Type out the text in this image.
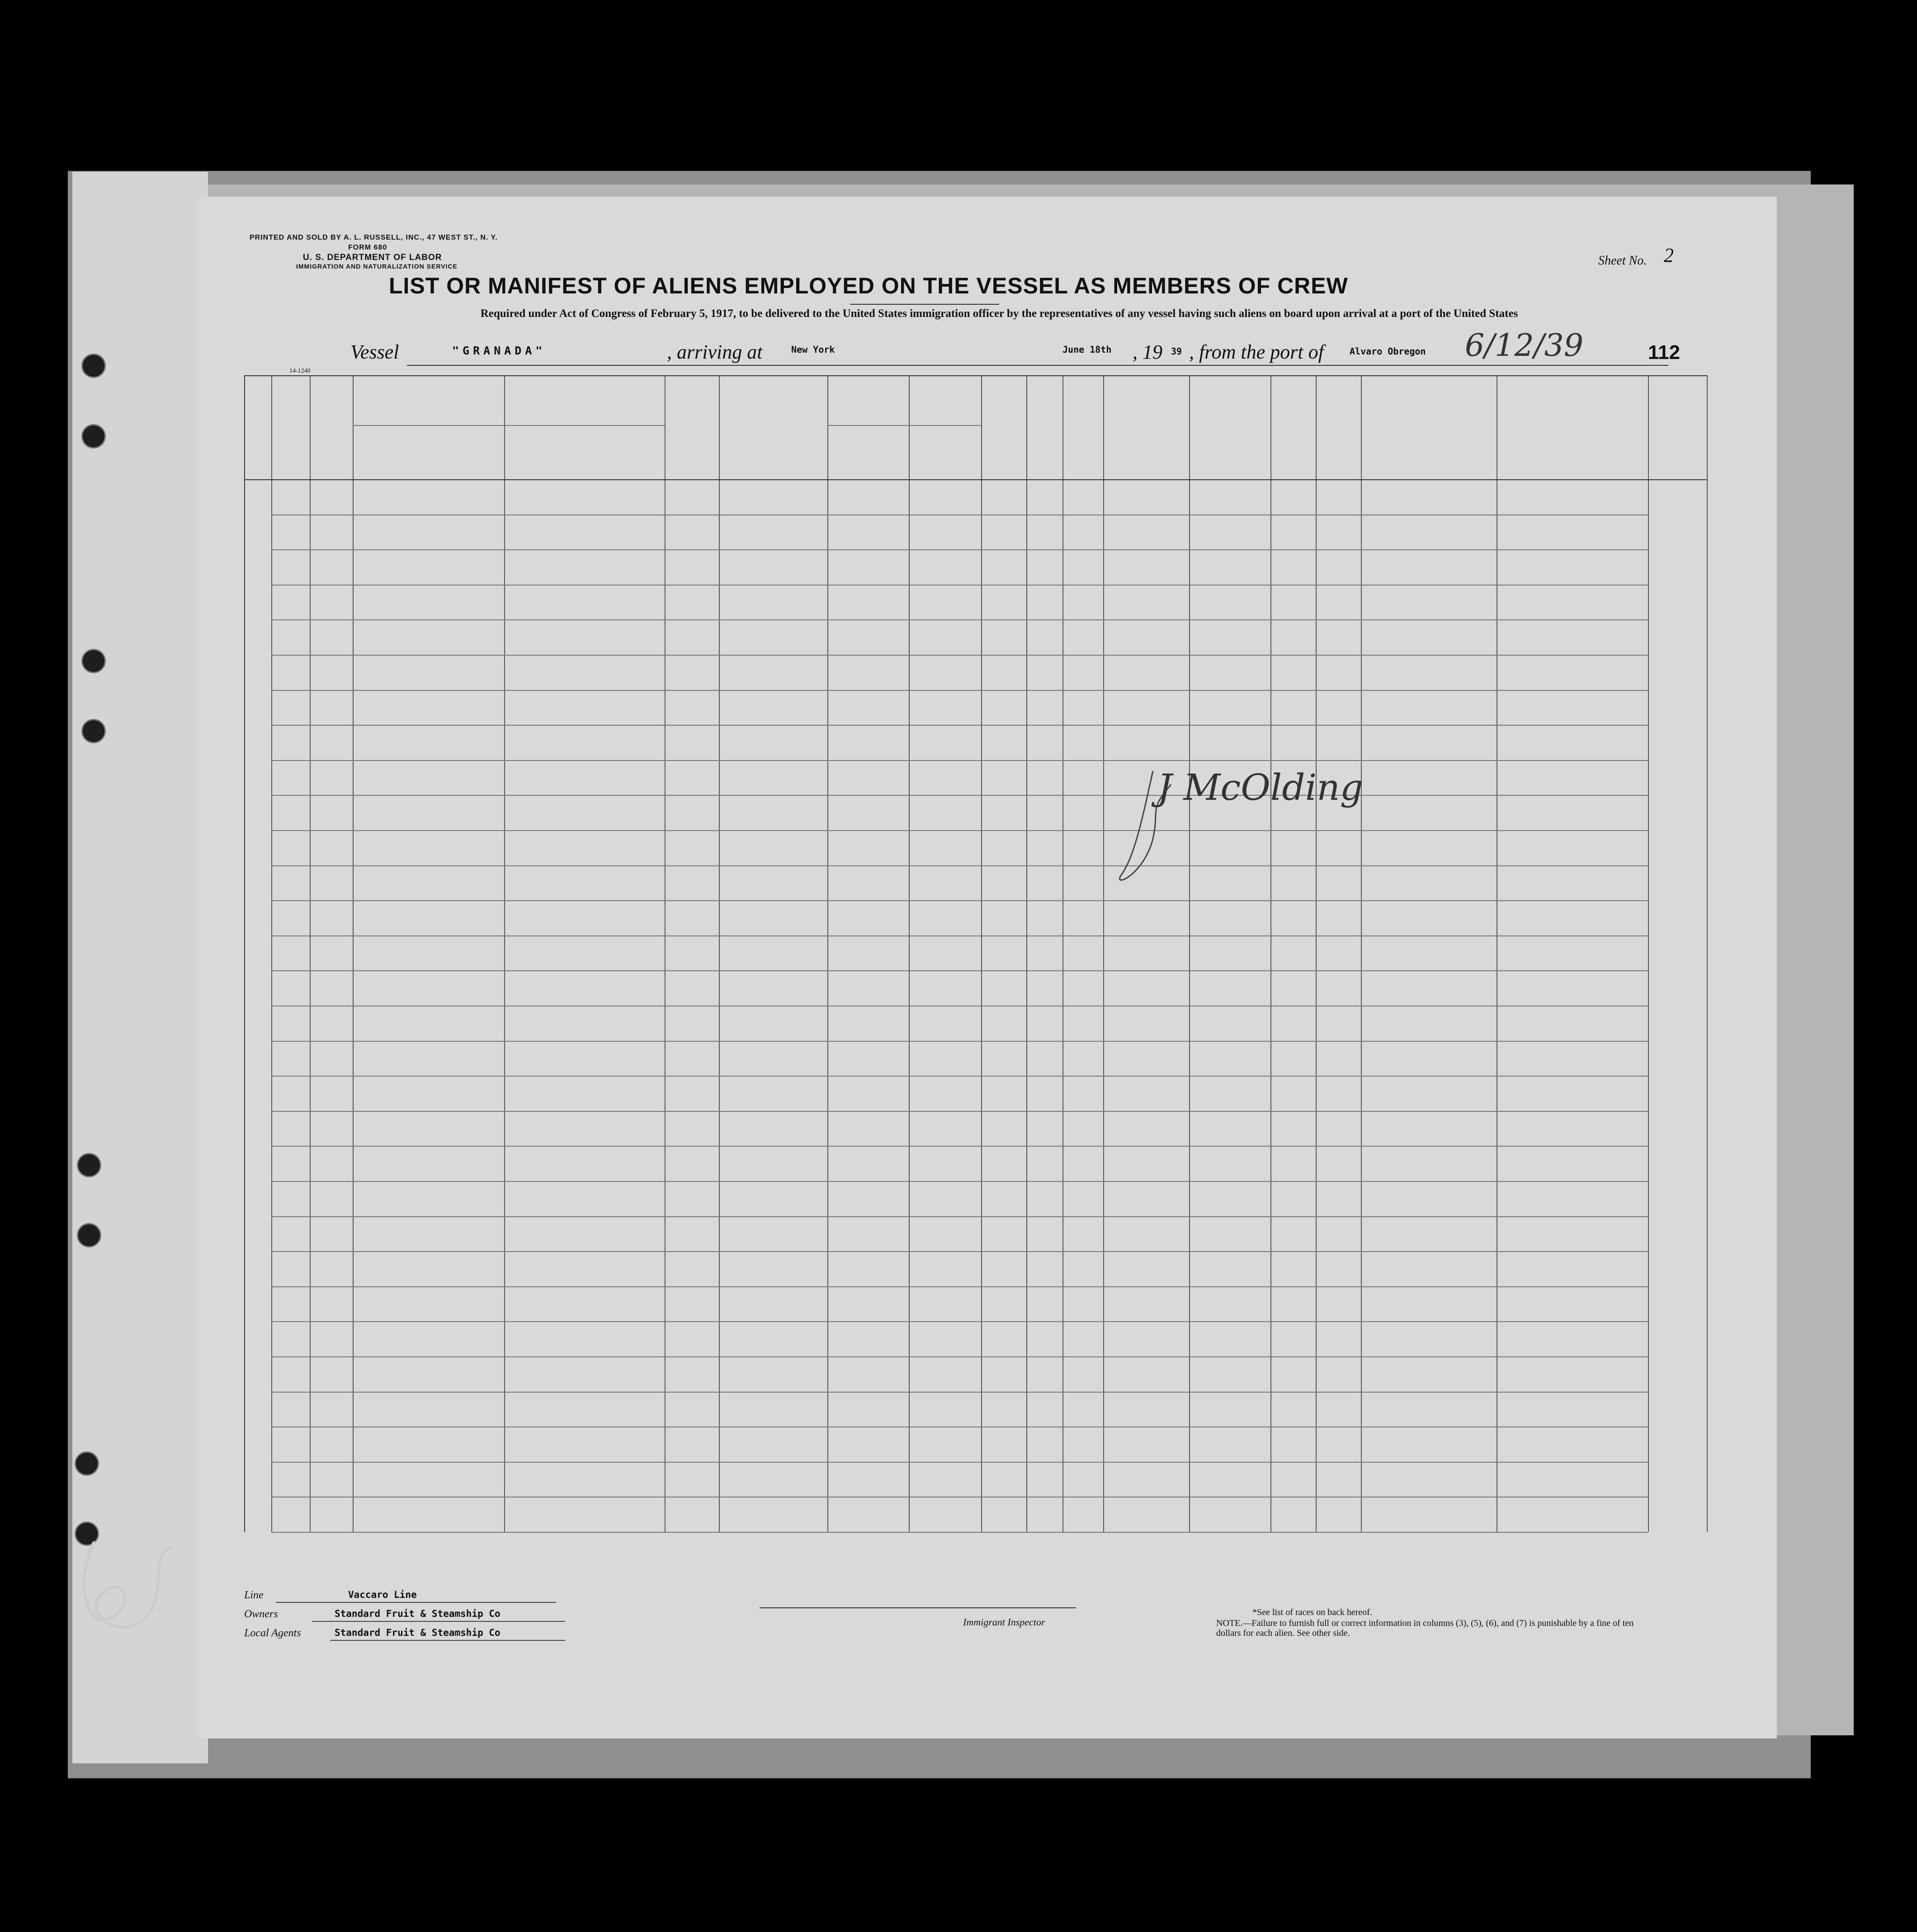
PRINTED AND SOLD BY A. L. RUSSELL, INC., 47 WEST ST., N. Y.
FORM 680
U. S. DEPARTMENT OF LABOR
IMMIGRATION AND NATURALIZATION SERVICE	Sheet No. 2
LIST OR MANIFEST OF ALIENS EMPLOYED ON THE VESSEL AS MEMBERS OF CREW
Required under Act of Congress of February 5, 1917, to be delivered to the United States immigration officer by the representatives of any vessel having such aliens on board upon arrival at a port of the United States
Vessel	"GRANADA"	, arriving at	New York	June 18th , 19 39 , from the port of	Alvaro Obregon 6/12/39	112
14-1240
J McOlding
Line	Vaccaro Line
Owners	Standard Fruit & Steamship Co
Local Agents	Standard Fruit & Steamship Co
Immigrant Inspector
*See list of races on back hereof.
NOTE.—Failure to furnish full or correct information in columns (3), (5), (6), and (7) is punishable by a fine of ten dollars for each alien. See other side.
